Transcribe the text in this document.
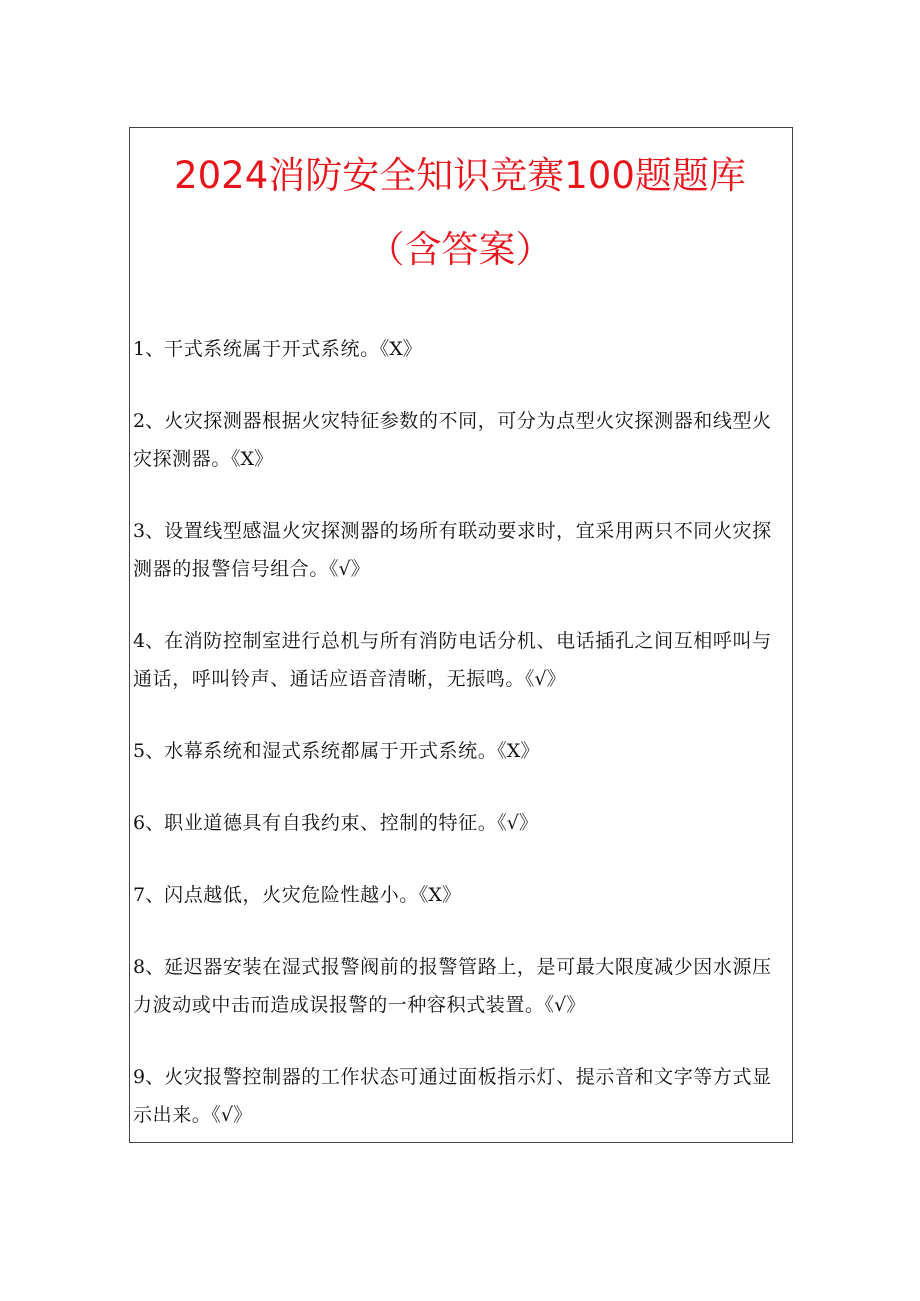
2024消防安全知识竞赛100题题库
（含答案）
1、干式系统属于开式系统。《X》
2、火灾探测器根据火灾特征参数的不同，可分为点型火灾探测器和线型火灾探测器。《X》
3、设置线型感温火灾探测器的场所有联动要求时，宜采用两只不同火灾探测器的报警信号组合。《√》
4、在消防控制室进行总机与所有消防电话分机、电话插孔之间互相呼叫与通话，呼叫铃声、通话应语音清晰，无振鸣。《√》
5、水幕系统和湿式系统都属于开式系统。《X》
6、职业道德具有自我约束、控制的特征。《√》
7、闪点越低，火灾危险性越小。《X》
8、延迟器安装在湿式报警阀前的报警管路上，是可最大限度减少因水源压力波动或中击而造成误报警的一种容积式装置。《√》
9、火灾报警控制器的工作状态可通过面板指示灯、提示音和文字等方式显示出来。《√》
